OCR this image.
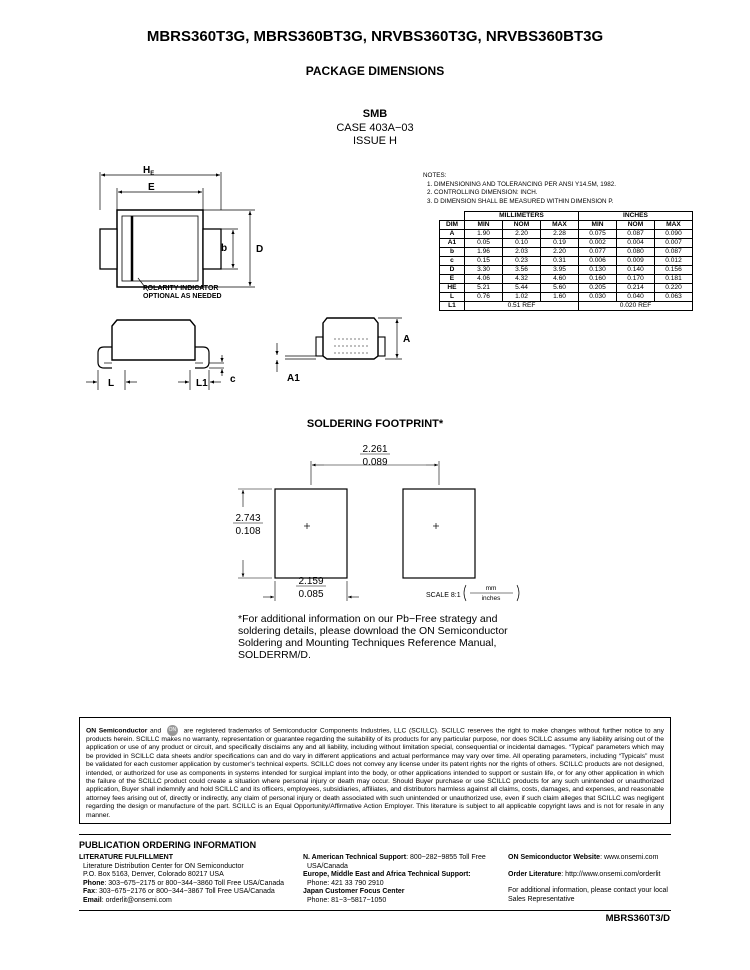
MBRS360T3G, MBRS360BT3G, NRVBS360T3G, NRVBS360BT3G
PACKAGE DIMENSIONS
SMB
CASE 403A−03
ISSUE H
$H_E$
E
b	D
POLARITY INDICATOR
OPTIONAL AS NEEDED
A
A1
L	L1 c
NOTES:
1. DIMENSIONING AND TOLERANCING PER ANSI Y14.5M, 1982.
2. CONTROLLING DIMENSION: INCH.
3. D DIMENSION SHALL BE MEASURED WITHIN DIMENSION P.
	MILLIMETERS			INCHES		
DIM	MIN	NOM	MAX	MIN	NOM	MAX
A	1.90	2.20	2.28	0.075	0.087	0.090
A1	0.05	0.10	0.19	0.002	0.004	0.007
b	1.96	2.03	2.20	0.077	0.080	0.087
c	0.15	0.23	0.31	0.006	0.009	0.012
D	3.30	3.56	3.95	0.130	0.140	0.156
E	4.06	4.32	4.60	0.160	0.170	0.181
HE	5.21	5.44	5.60	0.205	0.214	0.220
L	0.76	1.02	1.60	0.030	0.040	0.063
L1	0.51 REF			0.020 REF		
SOLDERING FOOTPRINT*
2.261
0.089
2.743
0.108
2.159
0.085	SCALE 8:1
mm
inches
*For additional information on our Pb−Free strategy and soldering details, please download the ON Semiconductor Soldering and Mounting Techniques Reference Manual, SOLDERRM/D.
ON Semiconductor and ON are registered trademarks of Semiconductor Components Industries, LLC (SCILLC). SCILLC reserves the right to make changes without further notice to any products herein. SCILLC makes no warranty, representation or guarantee regarding the suitability of its products for any particular purpose, nor does SCILLC assume any liability arising out of the application or use of any product or circuit, and specifically disclaims any and all liability, including without limitation special, consequential or incidental damages. “Typical” parameters which may be provided in SCILLC data sheets and/or specifications can and do vary in different applications and actual performance may vary over time. All operating parameters, including “Typicals” must be validated for each customer application by customer’s technical experts. SCILLC does not convey any license under its patent rights nor the rights of others. SCILLC products are not designed, intended, or authorized for use as components in systems intended for surgical implant into the body, or other applications intended to support or sustain life, or for any other application in which the failure of the SCILLC product could create a situation where personal injury or death may occur. Should Buyer purchase or use SCILLC products for any such unintended or unauthorized application, Buyer shall indemnify and hold SCILLC and its officers, employees, subsidiaries, affiliates, and distributors harmless against all claims, costs, damages, and expenses, and reasonable attorney fees arising out of, directly or indirectly, any claim of personal injury or death associated with such unintended or unauthorized use, even if such claim alleges that SCILLC was negligent regarding the design or manufacture of the part. SCILLC is an Equal Opportunity/Affirmative Action Employer. This literature is subject to all applicable copyright laws and is not for resale in any manner.
PUBLICATION ORDERING INFORMATION
LITERATURE FULFILLMENT
Literature Distribution Center for ON Semiconductor
P.O. Box 5163, Denver, Colorado 80217 USA
Phone: 303−675−2175 or 800−344−3860 Toll Free USA/Canada
Fax: 303−675−2176 or 800−344−3867 Toll Free USA/Canada
Email: orderlit@onsemi.com
N. American Technical Support: 800−282−9855 Toll Free
USA/Canada
Europe, Middle East and Africa Technical Support:
Phone: 421 33 790 2910
Japan Customer Focus Center
Phone: 81−3−5817−1050
ON Semiconductor Website: www.onsemi.com
Order Literature: http://www.onsemi.com/orderlit
For additional information, please contact your local
Sales Representative
MBRS360T3/D
